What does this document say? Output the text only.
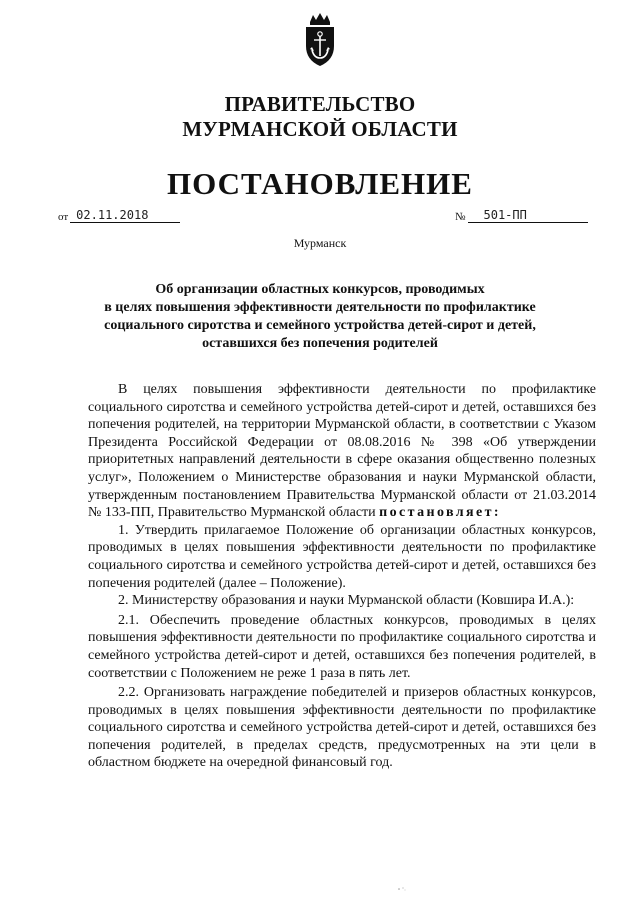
ПРАВИТЕЛЬСТВО
МУРМАНСКОЙ ОБЛАСТИ
ПОСТАНОВЛЕНИЕ
от 02.11.2018	№ 501-ПП
Мурманск
Об организации областных конкурсов, проводимых
в целях повышения эффективности деятельности по профилактике
социального сиротства и семейного устройства детей-сирот и детей,
оставшихся без попечения родителей

В целях повышения эффективности деятельности по профилактике социального сиротства и семейного устройства детей-сирот и детей, оставшихся без попечения родителей, на территории Мурманской области, в соответствии с Указом Президента Российской Федерации от 08.08.2016 № 398 «Об утверждении приоритетных направлений деятельности в сфере оказания общественно полезных услуг», Положением о Министерстве образования и науки Мурманской области, утвержденным постановлением Правительства Мурманской области от 21.03.2014 № 133-ПП, Правительство Мурманской области постановляет:

1. Утвердить прилагаемое Положение об организации областных конкурсов, проводимых в целях повышения эффективности деятельности по профилактике социального сиротства и семейного устройства детей-сирот и детей, оставшихся без попечения родителей (далее – Положение).

2. Министерству образования и науки Мурманской области (Ковшира И.А.):

2.1. Обеспечить проведение областных конкурсов, проводимых в целях повышения эффективности деятельности по профилактике социального сиротства и семейного устройства детей-сирот и детей, оставшихся без попечения родителей, в соответствии с Положением не реже 1 раза в пять лет.

2.2. Организовать награждение победителей и призеров областных конкурсов, проводимых в целях повышения эффективности деятельности по профилактике социального сиротства и семейного устройства детей-сирот и детей, оставшихся без попечения родителей, в пределах средств, предусмотренных на эти цели в областном бюджете на очередной финансовый год.
